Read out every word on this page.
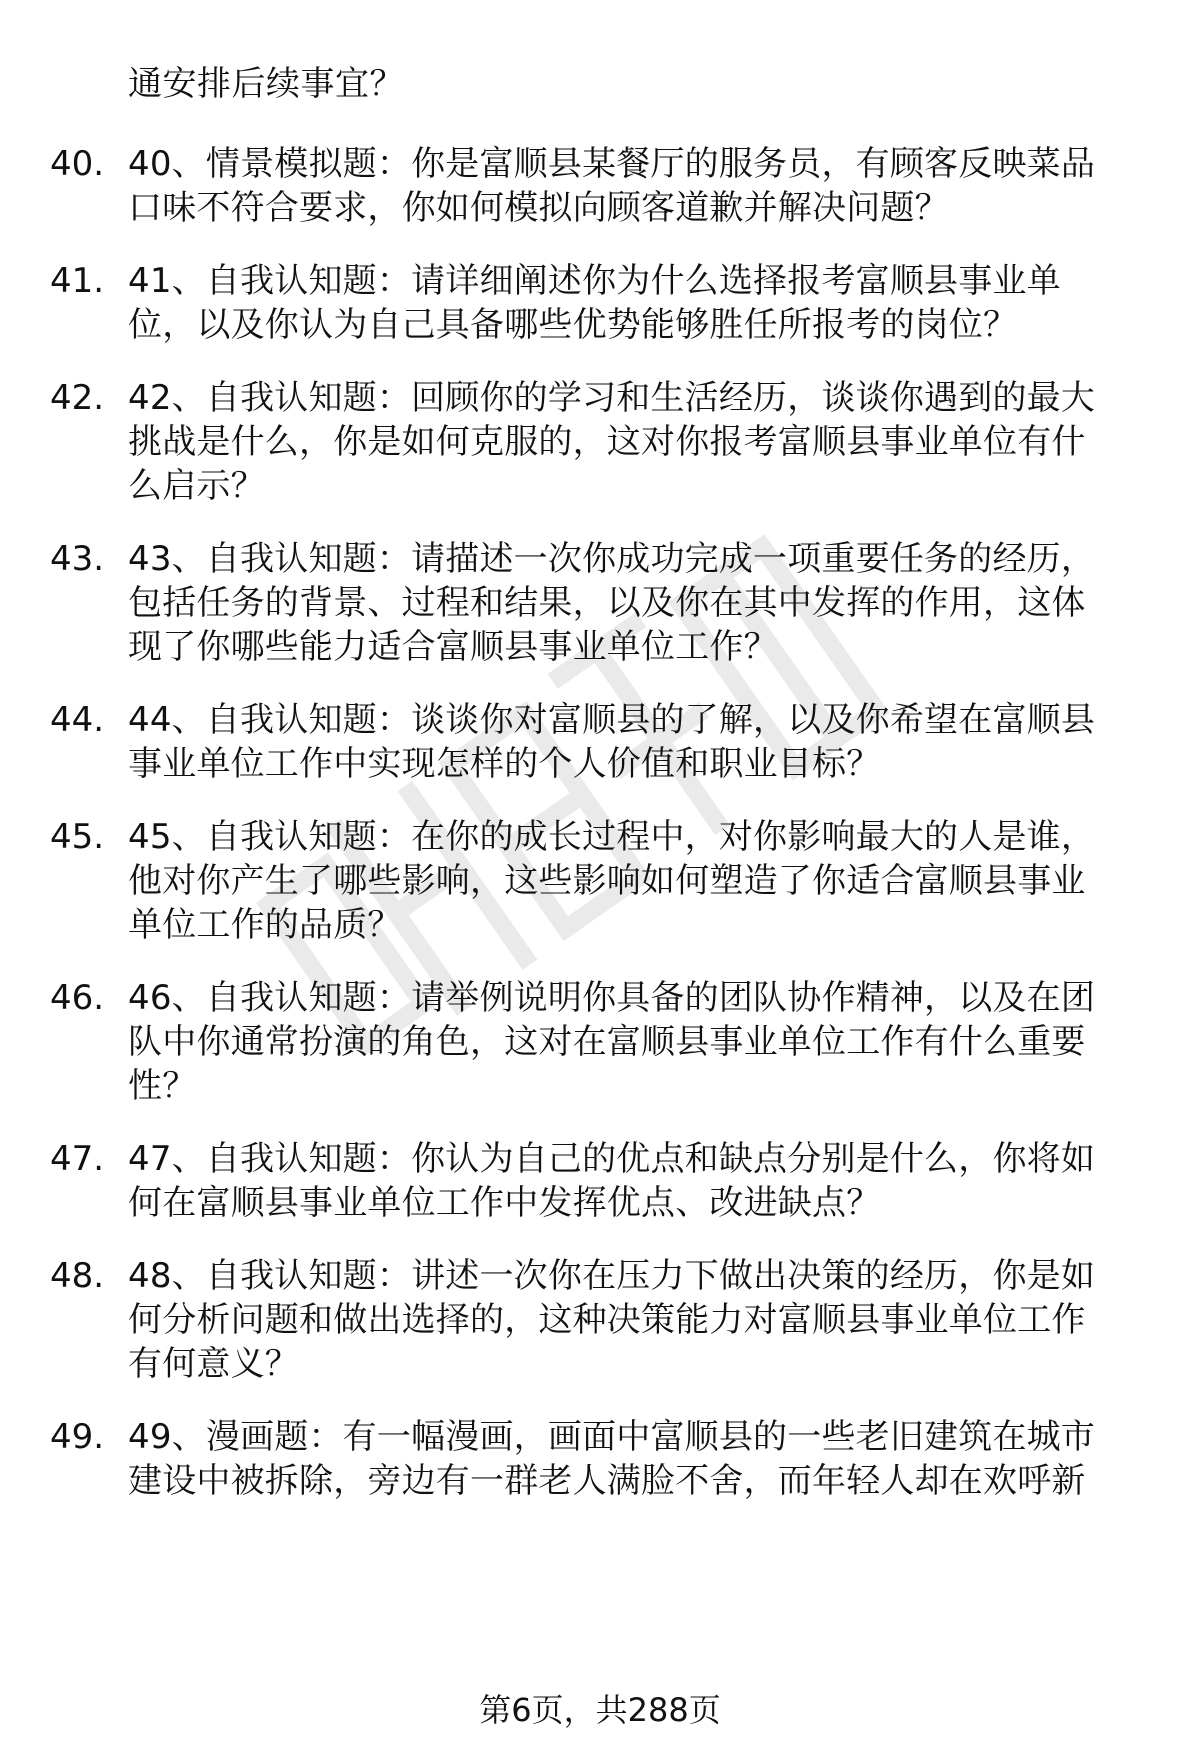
通安排后续事宜？
40. 40、情景模拟题：你是富顺县某餐厅的服务员，有顾客反映菜品
口味不符合要求，你如何模拟向顾客道歉并解决问题？
41. 41、自我认知题：请详细阐述你为什么选择报考富顺县事业单
位，以及你认为自己具备哪些优势能够胜任所报考的岗位？
42. 42、自我认知题：回顾你的学习和生活经历，谈谈你遇到的最大
挑战是什么，你是如何克服的，这对你报考富顺县事业单位有什
么启示？
43. 43、自我认知题：请描述一次你成功完成一项重要任务的经历，
包括任务的背景、过程和结果，以及你在其中发挥的作用，这体
现了你哪些能力适合富顺县事业单位工作？
44. 44、自我认知题：谈谈你对富顺县的了解，以及你希望在富顺县
事业单位工作中实现怎样的个人价值和职业目标？
45. 45、自我认知题：在你的成长过程中，对你影响最大的人是谁，
他对你产生了哪些影响，这些影响如何塑造了你适合富顺县事业
单位工作的品质？
46. 46、自我认知题：请举例说明你具备的团队协作精神，以及在团
队中你通常扮演的角色，这对在富顺县事业单位工作有什么重要
性？
47. 47、自我认知题：你认为自己的优点和缺点分别是什么，你将如
何在富顺县事业单位工作中发挥优点、改进缺点？
48. 48、自我认知题：讲述一次你在压力下做出决策的经历，你是如
何分析问题和做出选择的，这种决策能力对富顺县事业单位工作
有何意义？
49. 49、漫画题：有一幅漫画，画面中富顺县的一些老旧建筑在城市
建设中被拆除，旁边有一群老人满脸不舍，而年轻人却在欢呼新
第6页，共288页
